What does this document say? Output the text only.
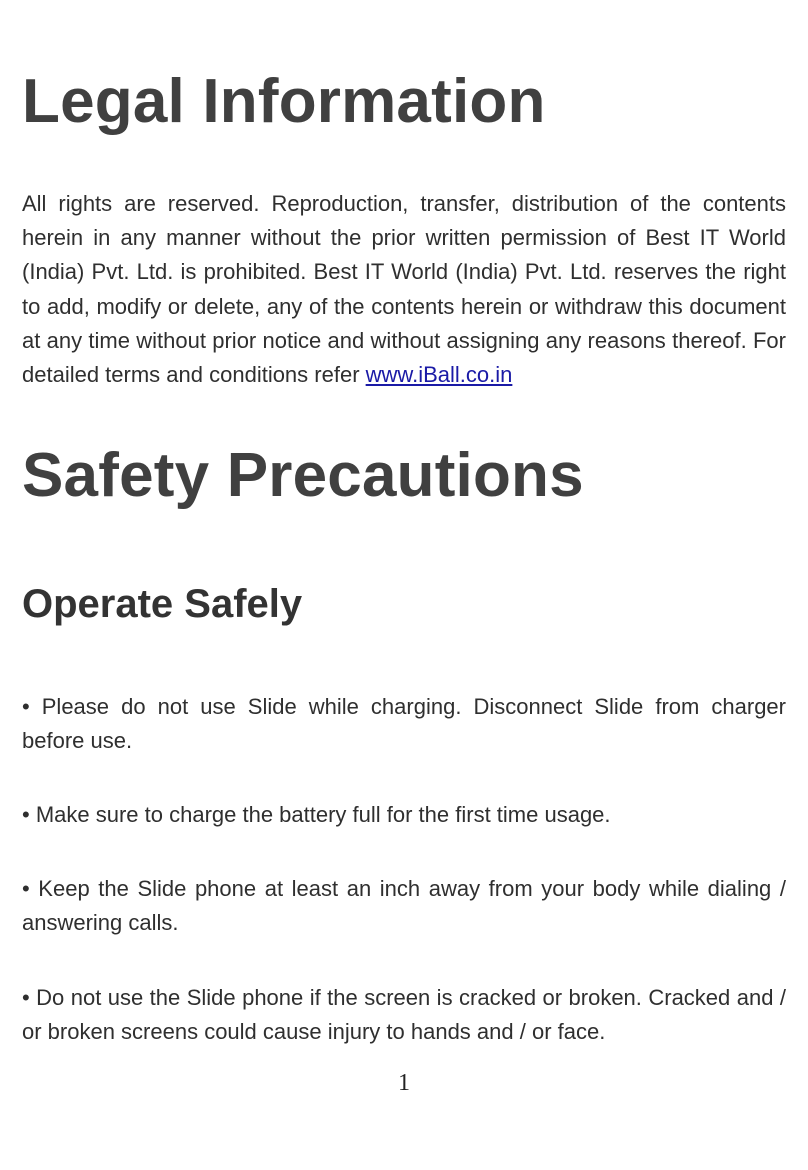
Legal Information

All rights are reserved. Reproduction, transfer, distribution of the contents herein in any manner without the prior written permission of Best IT World (India) Pvt. Ltd. is prohibited. Best IT World (India) Pvt. Ltd. reserves the right to add, modify or delete, any of the contents herein or withdraw this document at any time without prior notice and without assigning any reasons thereof. For detailed terms and conditions refer www.iBall.co.in

Safety Precautions
Operate Safely

• Please do not use Slide while charging. Disconnect Slide from charger before use.

• Make sure to charge the battery full for the first time usage.

• Keep the Slide phone at least an inch away from your body while dialing / answering calls.

• Do not use the Slide phone if the screen is cracked or broken. Cracked and / or broken screens could cause injury to hands and / or face.

1
